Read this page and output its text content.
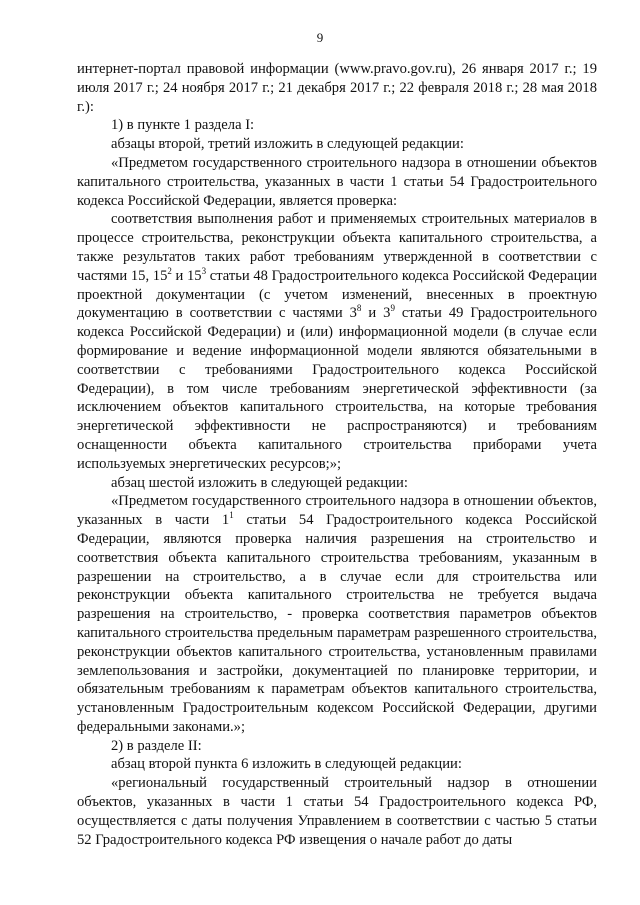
9

интернет-портал правовой информации (www.pravo.gov.ru), 26 января 2017 г.; 19 июля 2017 г.; 24 ноября 2017 г.; 21 декабря 2017 г.; 22 февраля 2018 г.; 28 мая 2018 г.):

1) в пункте 1 раздела I:

абзацы второй, третий изложить в следующей редакции:

«Предметом государственного строительного надзора в отношении объектов капитального строительства, указанных в части 1 статьи 54 Градостроительного кодекса Российской Федерации, является проверка:

соответствия выполнения работ и применяемых строительных материалов в процессе строительства, реконструкции объекта капитального строительства, а также результатов таких работ требованиям утвержденной в соответствии с частями 15, $15^2$ и $15^3$ статьи 48 Градостроительного кодекса Российской Федерации проектной документации (с учетом изменений, внесенных в проектную документацию в соответствии с частями $3^8$ и $3^9$ статьи 49 Градостроительного кодекса Российской Федерации) и (или) информационной модели (в случае если формирование и ведение информационной модели являются обязательными в соответствии с требованиями Градостроительного кодекса Российской Федерации), в том числе требованиям энергетической эффективности (за исключением объектов капитального строительства, на которые требования энергетической эффективности не распространяются) и требованиям оснащенности объекта капитального строительства приборами учета используемых энергетических ресурсов;»;

абзац шестой изложить в следующей редакции:

«Предметом государственного строительного надзора в отношении объектов, указанных в части $1^1$ статьи 54 Градостроительного кодекса Российской Федерации, являются проверка наличия разрешения на строительство и соответствия объекта капитального строительства требованиям, указанным в разрешении на строительство, а в случае если для строительства или реконструкции объекта капитального строительства не требуется выдача разрешения на строительство, - проверка соответствия параметров объектов капитального строительства предельным параметрам разрешенного строительства, реконструкции объектов капитального строительства, установленным правилами землепользования и застройки, документацией по планировке территории, и обязательным требованиям к параметрам объектов капитального строительства, установленным Градостроительным кодексом Российской Федерации, другими федеральными законами.»;

2) в разделе II:

абзац второй пункта 6 изложить в следующей редакции:

«региональный государственный строительный надзор в отношении объектов, указанных в части 1 статьи 54 Градостроительного кодекса РФ, осуществляется с даты получения Управлением в соответствии с частью 5 статьи 52 Градостроительного кодекса РФ извещения о начале работ до даты
